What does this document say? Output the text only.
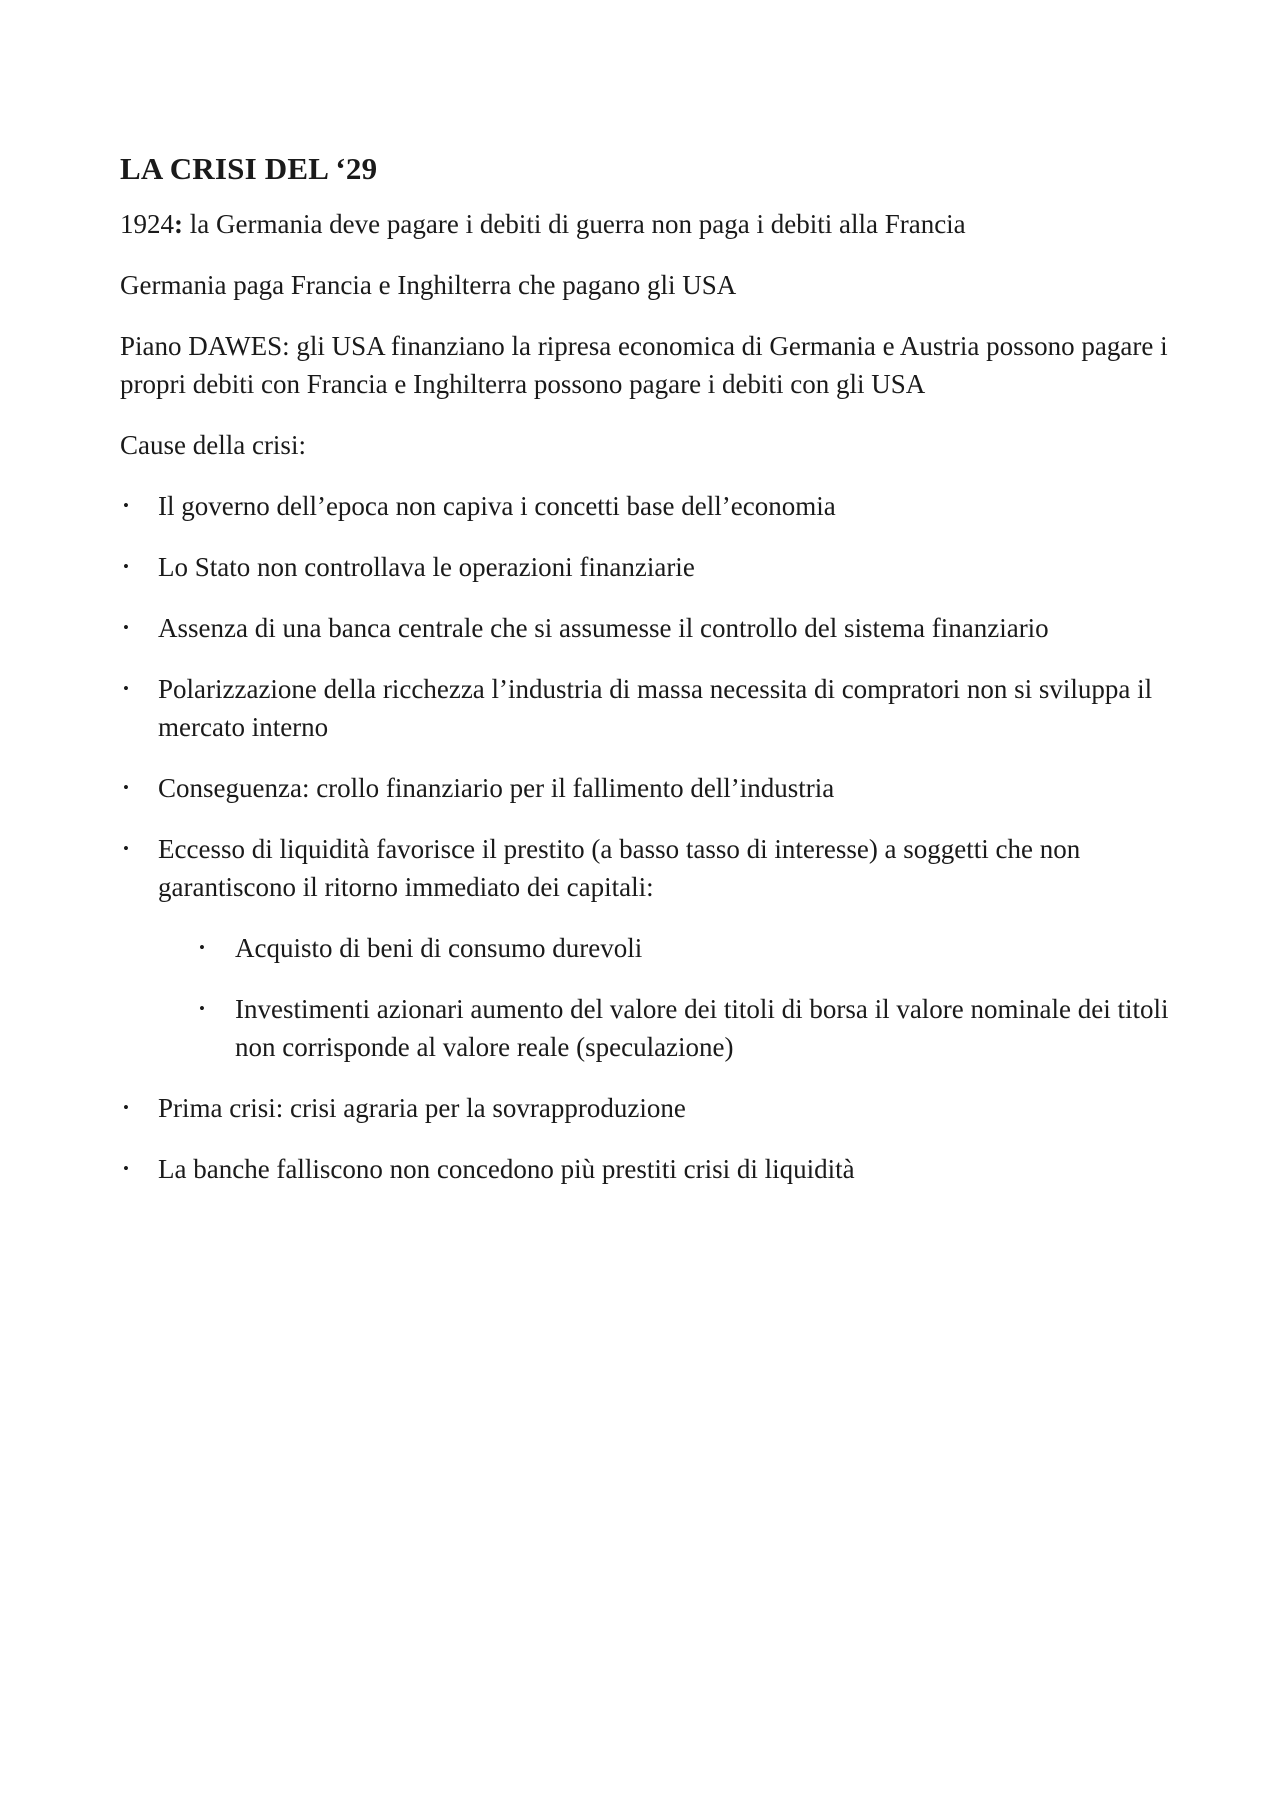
LA CRISI DEL ‘29

1924: la Germania deve pagare i debiti di guerra non paga i debiti alla Francia

Germania paga Francia e Inghilterra che pagano gli USA

Piano DAWES: gli USA finanziano la ripresa economica di Germania e Austria possono pagare i propri debiti con Francia e Inghilterra possono pagare i debiti con gli USA

Cause della crisi:

• Il governo dell’epoca non capiva i concetti base dell’economia
• Lo Stato non controllava le operazioni finanziarie
• Assenza di una banca centrale che si assumesse il controllo del sistema finanziario
• Polarizzazione della ricchezza l’industria di massa necessita di compratori non si sviluppa il mercato interno
• Conseguenza: crollo finanziario per il fallimento dell’industria
• Eccesso di liquidità favorisce il prestito (a basso tasso di interesse) a soggetti che non garantiscono il ritorno immediato dei capitali:
• Acquisto di beni di consumo durevoli
• Investimenti azionari aumento del valore dei titoli di borsa il valore nominale dei titoli non corrisponde al valore reale (speculazione)
• Prima crisi: crisi agraria per la sovrapproduzione
• La banche falliscono non concedono più prestiti crisi di liquidità
